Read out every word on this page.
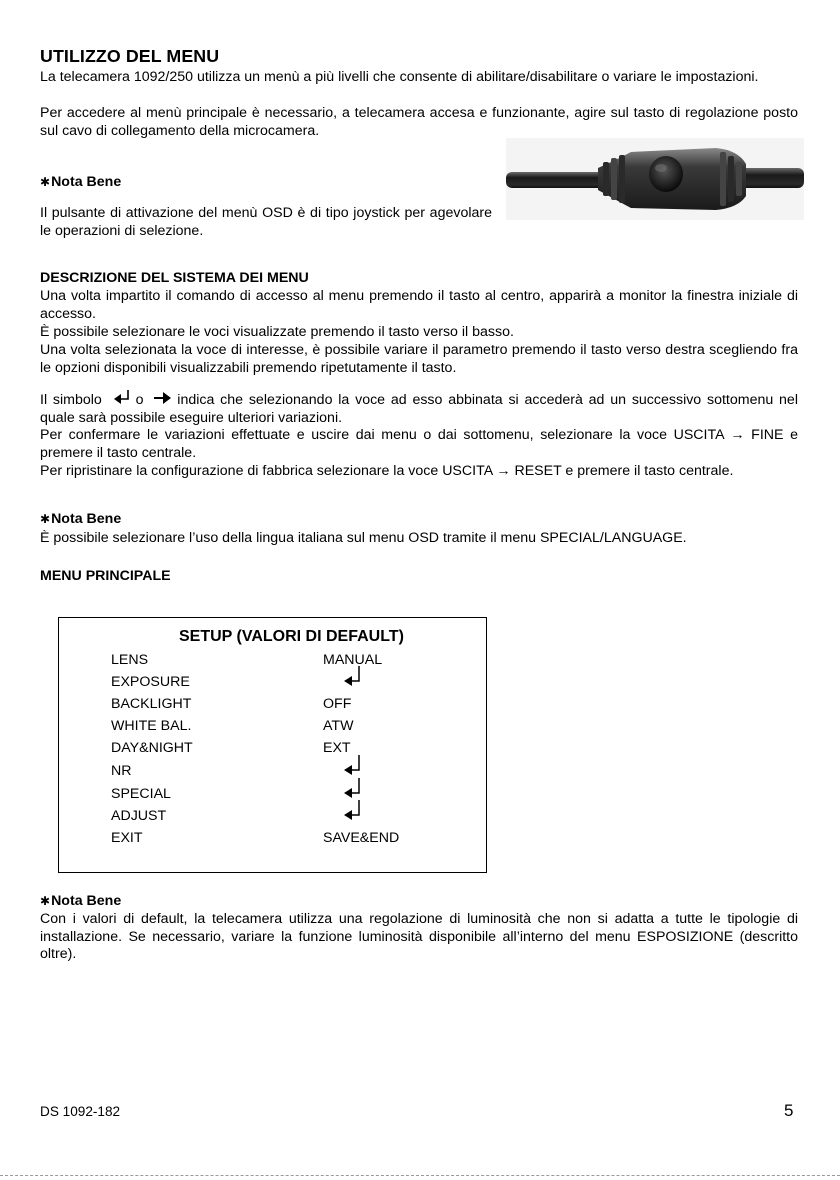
UTILIZZO DEL MENU

La telecamera 1092/250 utilizza un menù a più livelli che consente di abilitare/disabilitare o variare le impostazioni.

Per accedere al menù principale è necessario, a telecamera accesa e funzionante, agire sul tasto di regolazione posto sul cavo di collegamento della microcamera.

✱Nota Bene

Il pulsante di attivazione del menù OSD è di tipo joystick per agevolare le operazioni di selezione.

DESCRIZIONE DEL SISTEMA DEI MENU

Una volta impartito il comando di accesso al menu premendo il tasto al centro, apparirà a monitor la finestra iniziale di accesso.

È possibile selezionare le voci visualizzate premendo il tasto verso il basso.

Una volta selezionata la voce di interesse, è possibile variare il parametro premendo il tasto verso destra scegliendo fra le opzioni disponibili visualizzabili premendo ripetutamente il tasto.

Il simbolo o indica che selezionando la voce ad esso abbinata si accederà ad un successivo sottomenu nel quale sarà possibile eseguire ulteriori variazioni.

Per confermare le variazioni effettuate e uscire dai menu o dai sottomenu, selezionare la voce USCITA → FINE e premere il tasto centrale.

Per ripristinare la configurazione di fabbrica selezionare la voce USCITA → RESET e premere il tasto centrale.

✱Nota Bene

È possibile selezionare l’uso della lingua italiana sul menu OSD tramite il menu SPECIAL/LANGUAGE.

MENU PRINCIPALE
SETUP (VALORI DI DEFAULT)
LENS	MANUAL
EXPOSURE
BACKLIGHT	OFF
WHITE BAL.	ATW
DAY&NIGHT	EXT
NR
SPECIAL
ADJUST
EXIT	SAVE&END
✱Nota Bene

Con i valori di default, la telecamera utilizza una regolazione di luminosità che non si adatta a tutte le tipologie di installazione. Se necessario, variare la funzione luminosità disponibile all’interno del menu ESPOSIZIONE (descritto oltre).

DS 1092-182	5
